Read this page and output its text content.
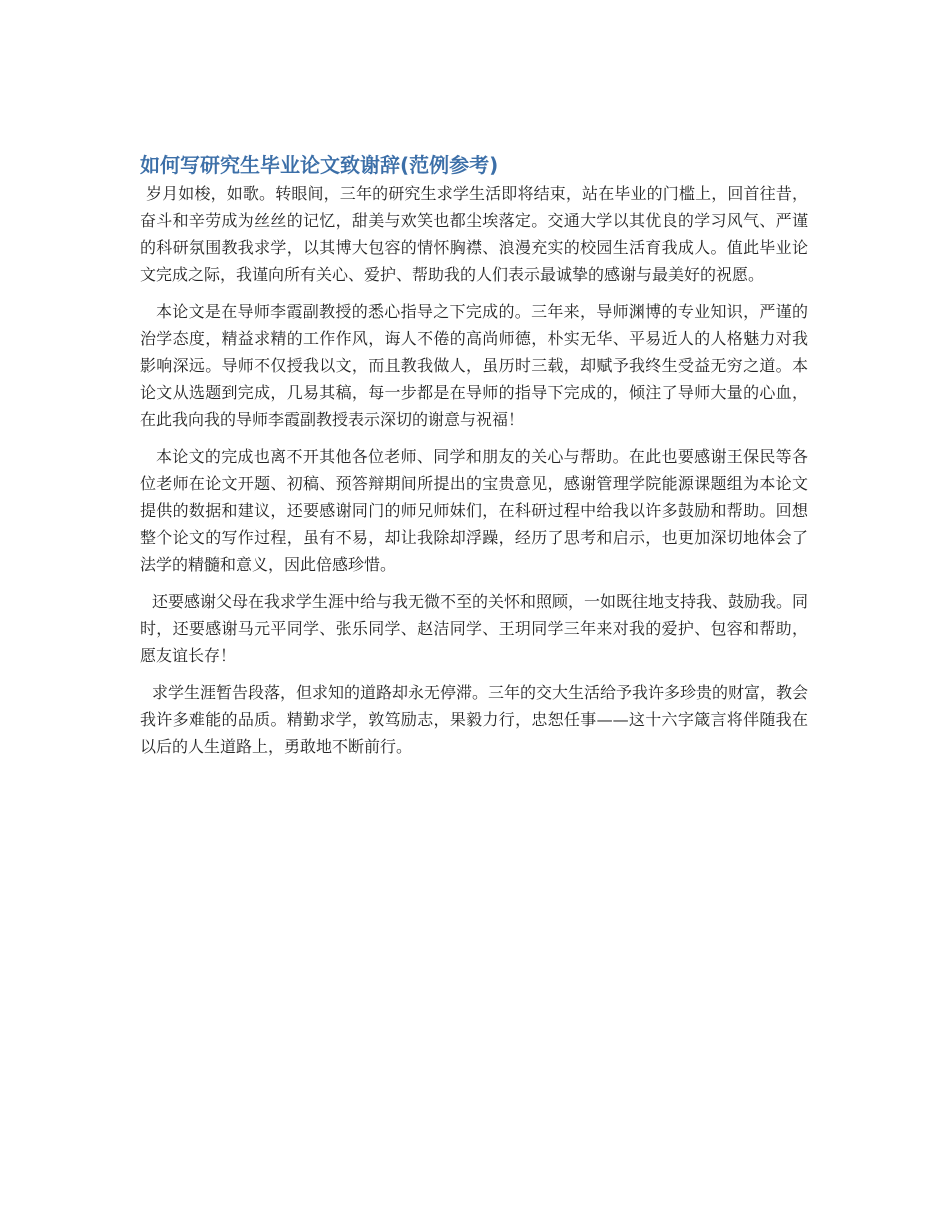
如何写研究生毕业论文致谢辞(范例参考)

岁月如梭，如歌。转眼间，三年的研究生求学生活即将结束，站在毕业的门槛上，回首往昔，奋斗和辛劳成为丝丝的记忆，甜美与欢笑也都尘埃落定。交通大学以其优良的学习风气、严谨的科研氛围教我求学，以其博大包容的情怀胸襟、浪漫充实的校园生活育我成人。值此毕业论文完成之际，我谨向所有关心、爱护、帮助我的人们表示最诚挚的感谢与最美好的祝愿。

本论文是在导师李霞副教授的悉心指导之下完成的。三年来，导师渊博的专业知识，严谨的治学态度，精益求精的工作作风，诲人不倦的高尚师德，朴实无华、平易近人的人格魅力对我影响深远。导师不仅授我以文，而且教我做人，虽历时三载，却赋予我终生受益无穷之道。本论文从选题到完成，几易其稿，每一步都是在导师的指导下完成的，倾注了导师大量的心血，在此我向我的导师李霞副教授表示深切的谢意与祝福！

本论文的完成也离不开其他各位老师、同学和朋友的关心与帮助。在此也要感谢王保民等各位老师在论文开题、初稿、预答辩期间所提出的宝贵意见，感谢管理学院能源课题组为本论文提供的数据和建议，还要感谢同门的师兄师妹们，在科研过程中给我以许多鼓励和帮助。回想整个论文的写作过程，虽有不易，却让我除却浮躁，经历了思考和启示，也更加深切地体会了法学的精髓和意义，因此倍感珍惜。

还要感谢父母在我求学生涯中给与我无微不至的关怀和照顾，一如既往地支持我、鼓励我。同时，还要感谢马元平同学、张乐同学、赵洁同学、王玥同学三年来对我的爱护、包容和帮助，愿友谊长存！

求学生涯暂告段落，但求知的道路却永无停滞。三年的交大生活给予我许多珍贵的财富，教会我许多难能的品质。精勤求学，敦笃励志，果毅力行，忠恕任事——这十六字箴言将伴随我在以后的人生道路上，勇敢地不断前行。
